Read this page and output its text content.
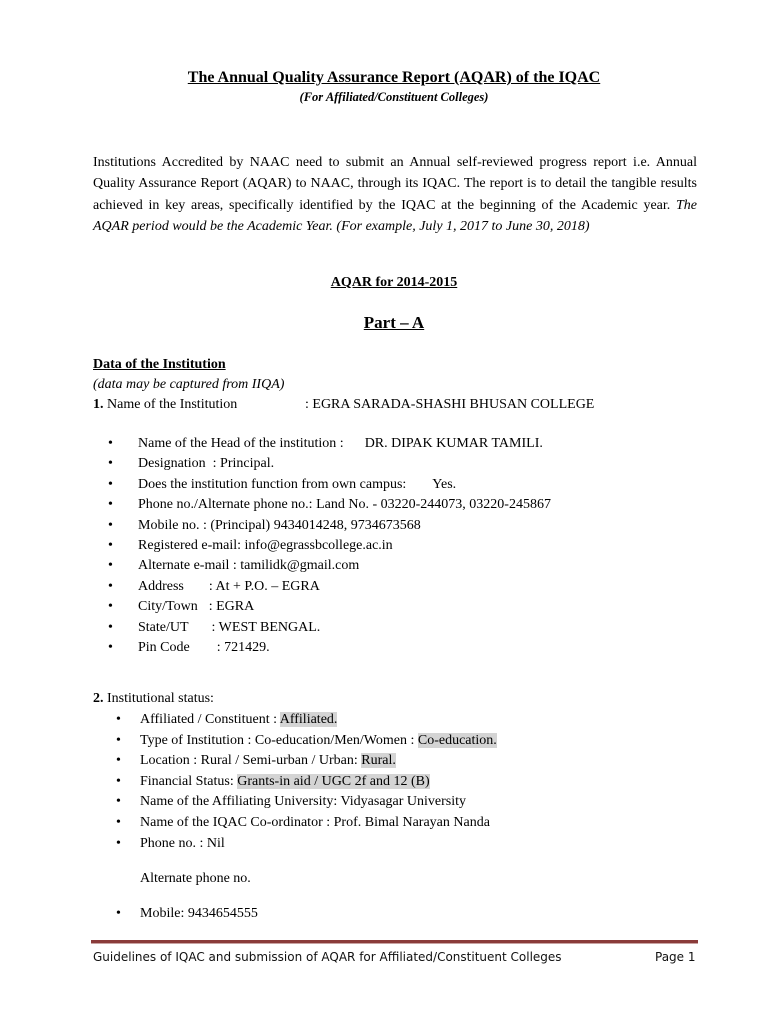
The Annual Quality Assurance Report (AQAR) of the IQAC
(For Affiliated/Constituent Colleges)
Institutions Accredited by NAAC need to submit an Annual self-reviewed progress report i.e. Annual Quality Assurance Report (AQAR) to NAAC, through its IQAC. The report is to detail the tangible results achieved in key areas, specifically identified by the IQAC at the beginning of the Academic year. The AQAR period would be the Academic Year. (For example, July 1, 2017 to June 30, 2018)
AQAR for 2014-2015
Part – A
Data of the Institution
(data may be captured from IIQA)
1. Name of the Institution	: EGRA SARADA-SHASHI BHUSAN COLLEGE
• Name of the Head of the institution : DR. DIPAK KUMAR TAMILI.
• Designation : Principal.
• Does the institution function from own campus: Yes.
• Phone no./Alternate phone no.: Land No. - 03220-244073, 03220-245867
• Mobile no. : (Principal) 9434014248, 9734673568
• Registered e-mail: info@egrassbcollege.ac.in
• Alternate e-mail : tamilidk@gmail.com
• Address : At + P.O. – EGRA
• City/Town : EGRA
• State/UT : WEST BENGAL.
• Pin Code : 721429.
2. Institutional status:
• Affiliated / Constituent : Affiliated.
• Type of Institution : Co-education/Men/Women : Co-education.
• Location : Rural / Semi-urban / Urban: Rural.
• Financial Status: Grants-in aid / UGC 2f and 12 (B)
• Name of the Affiliating University: Vidyasagar University
• Name of the IQAC Co-ordinator : Prof. Bimal Narayan Nanda
• Phone no. : Nil
Alternate phone no.
• Mobile: 9434654555
Guidelines of IQAC and submission of AQAR for Affiliated/Constituent Colleges	Page 1
